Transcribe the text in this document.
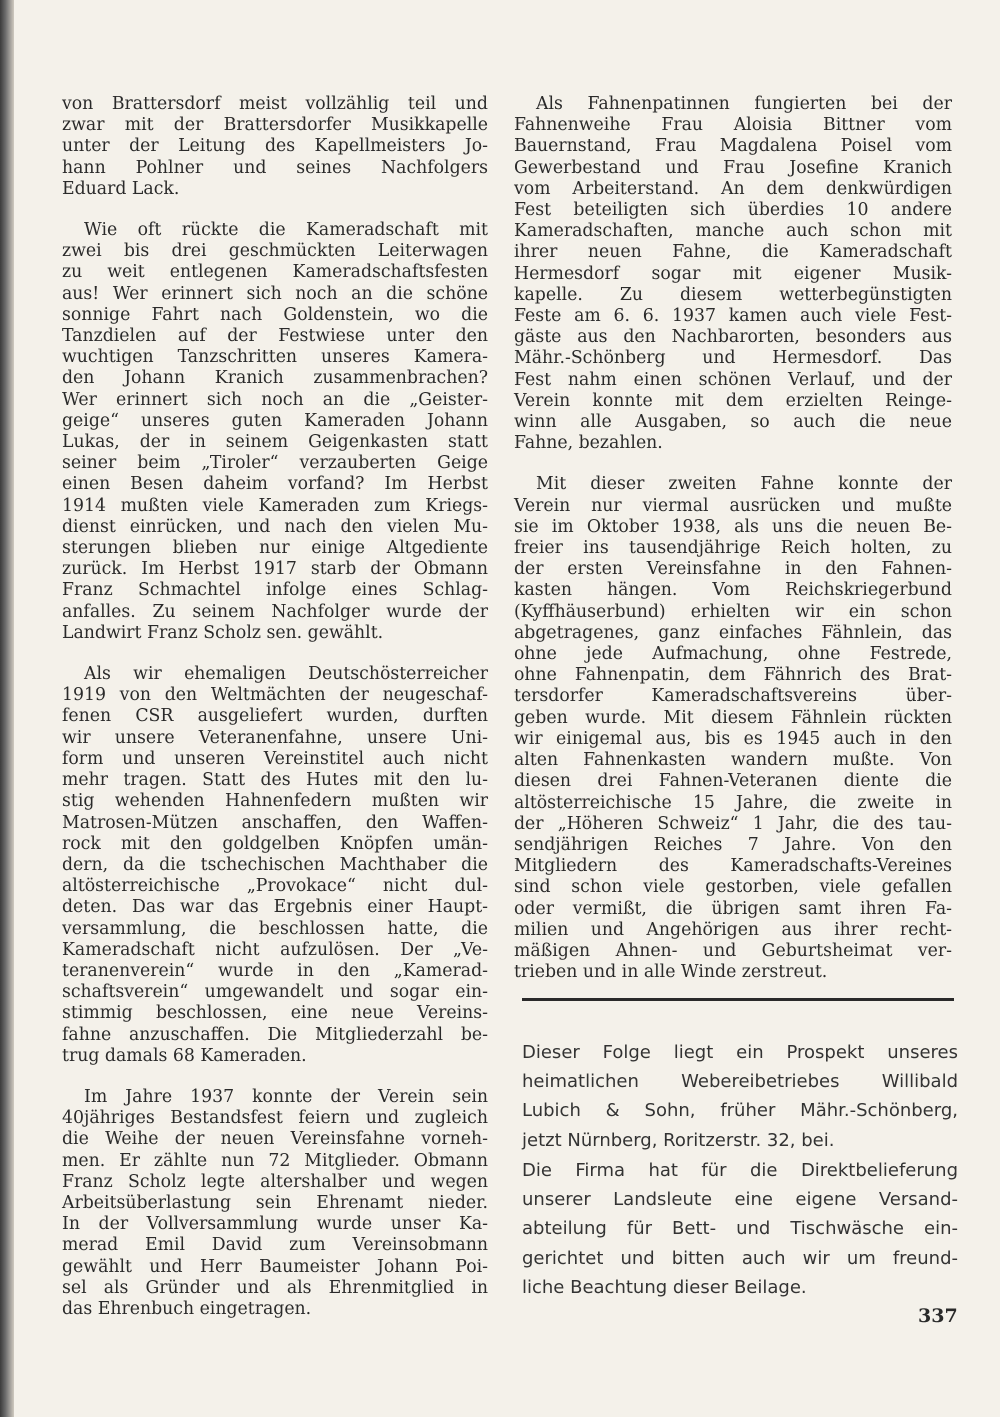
von Brattersdorf meist vollzählig teil und
zwar mit der Brattersdorfer Musikkapelle
unter der Leitung des Kapellmeisters Jo-
hann Pohlner und seines Nachfolgers
Eduard Lack.
Wie oft rückte die Kameradschaft mit
zwei bis drei geschmückten Leiterwagen
zu weit entlegenen Kameradschaftsfesten
aus! Wer erinnert sich noch an die schöne
sonnige Fahrt nach Goldenstein, wo die
Tanzdielen auf der Festwiese unter den
wuchtigen Tanzschritten unseres Kamera-
den Johann Kranich zusammenbrachen?
Wer erinnert sich noch an die „Geister-
geige“ unseres guten Kameraden Johann
Lukas, der in seinem Geigenkasten statt
seiner beim „Tiroler“ verzauberten Geige
einen Besen daheim vorfand? Im Herbst
1914 mußten viele Kameraden zum Kriegs-
dienst einrücken, und nach den vielen Mu-
sterungen blieben nur einige Altgediente
zurück. Im Herbst 1917 starb der Obmann
Franz Schmachtel infolge eines Schlag-
anfalles. Zu seinem Nachfolger wurde der
Landwirt Franz Scholz sen. gewählt.
Als wir ehemaligen Deutschösterreicher
1919 von den Weltmächten der neugeschaf-
fenen CSR ausgeliefert wurden, durften
wir unsere Veteranenfahne, unsere Uni-
form und unseren Vereinstitel auch nicht
mehr tragen. Statt des Hutes mit den lu-
stig wehenden Hahnenfedern mußten wir
Matrosen-Mützen anschaffen, den Waffen-
rock mit den goldgelben Knöpfen umän-
dern, da die tschechischen Machthaber die
altösterreichische „Provokace“ nicht dul-
deten. Das war das Ergebnis einer Haupt-
versammlung, die beschlossen hatte, die
Kameradschaft nicht aufzulösen. Der „Ve-
teranenverein“ wurde in den „Kamerad-
schaftsverein“ umgewandelt und sogar ein-
stimmig beschlossen, eine neue Vereins-
fahne anzuschaffen. Die Mitgliederzahl be-
trug damals 68 Kameraden.
Im Jahre 1937 konnte der Verein sein
40jähriges Bestandsfest feiern und zugleich
die Weihe der neuen Vereinsfahne vorneh-
men. Er zählte nun 72 Mitglieder. Obmann
Franz Scholz legte altershalber und wegen
Arbeitsüberlastung sein Ehrenamt nieder.
In der Vollversammlung wurde unser Ka-
merad Emil David zum Vereinsobmann
gewählt und Herr Baumeister Johann Poi-
sel als Gründer und als Ehrenmitglied in
das Ehrenbuch eingetragen.
Als Fahnenpatinnen fungierten bei der
Fahnenweihe Frau Aloisia Bittner vom
Bauernstand, Frau Magdalena Poisel vom
Gewerbestand und Frau Josefine Kranich
vom Arbeiterstand. An dem denkwürdigen
Fest beteiligten sich überdies 10 andere
Kameradschaften, manche auch schon mit
ihrer neuen Fahne, die Kameradschaft
Hermesdorf sogar mit eigener Musik-
kapelle. Zu diesem wetterbegünstigten
Feste am 6. 6. 1937 kamen auch viele Fest-
gäste aus den Nachbarorten, besonders aus
Mähr.-Schönberg und Hermesdorf. Das
Fest nahm einen schönen Verlauf, und der
Verein konnte mit dem erzielten Reinge-
winn alle Ausgaben, so auch die neue
Fahne, bezahlen.
Mit dieser zweiten Fahne konnte der
Verein nur viermal ausrücken und mußte
sie im Oktober 1938, als uns die neuen Be-
freier ins tausendjährige Reich holten, zu
der ersten Vereinsfahne in den Fahnen-
kasten hängen. Vom Reichskriegerbund
(Kyffhäuserbund) erhielten wir ein schon
abgetragenes, ganz einfaches Fähnlein, das
ohne jede Aufmachung, ohne Festrede,
ohne Fahnenpatin, dem Fähnrich des Brat-
tersdorfer Kameradschaftsvereins über-
geben wurde. Mit diesem Fähnlein rückten
wir einigemal aus, bis es 1945 auch in den
alten Fahnenkasten wandern mußte. Von
diesen drei Fahnen-Veteranen diente die
altösterreichische 15 Jahre, die zweite in
der „Höheren Schweiz“ 1 Jahr, die des tau-
sendjährigen Reiches 7 Jahre. Von den
Mitgliedern des Kameradschafts-Vereines
sind schon viele gestorben, viele gefallen
oder vermißt, die übrigen samt ihren Fa-
milien und Angehörigen aus ihrer recht-
mäßigen Ahnen- und Geburtsheimat ver-
trieben und in alle Winde zerstreut.
Dieser Folge liegt ein Prospekt unseres
heimatlichen Webereibetriebes Willibald
Lubich & Sohn, früher Mähr.-Schönberg,
jetzt Nürnberg, Roritzerstr. 32, bei.
Die Firma hat für die Direktbelieferung
unserer Landsleute eine eigene Versand-
abteilung für Bett- und Tischwäsche ein-
gerichtet und bitten auch wir um freund-
liche Beachtung dieser Beilage.
337
